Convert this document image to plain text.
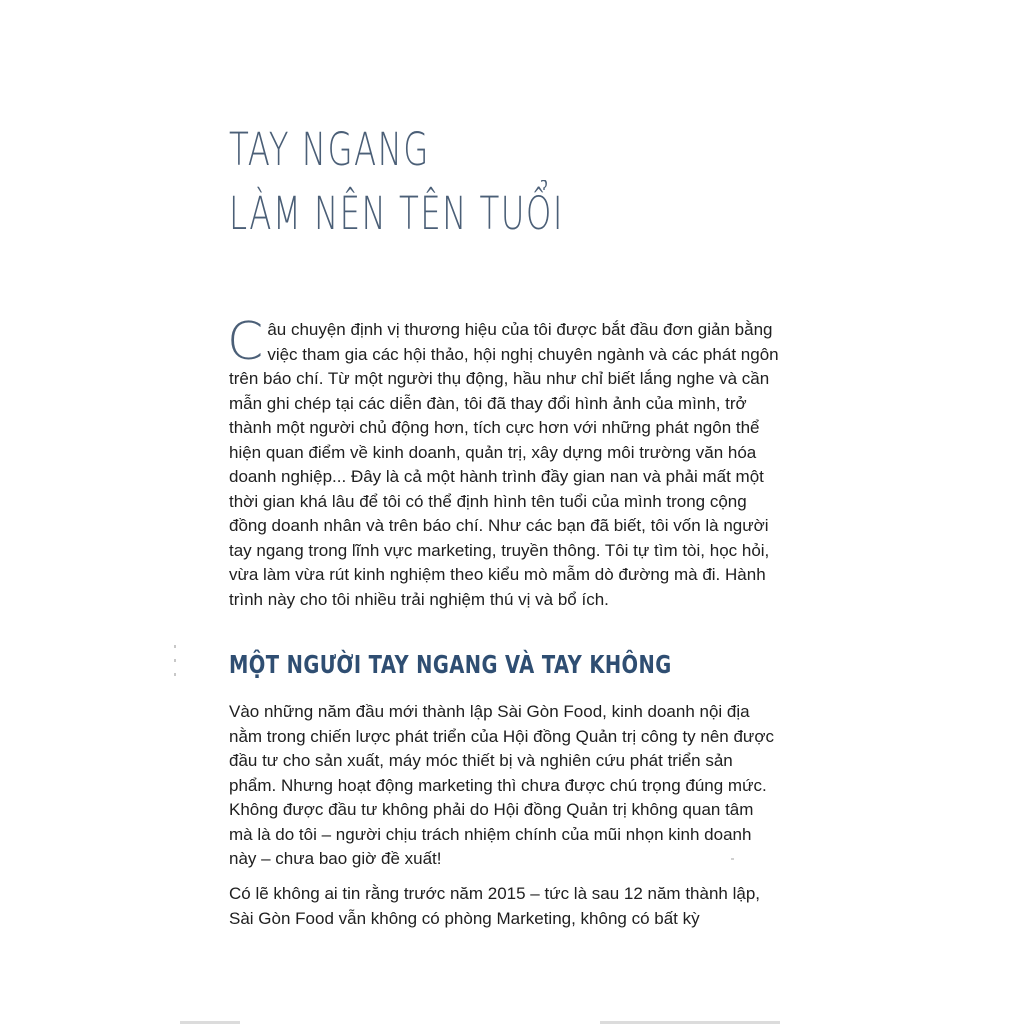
TAY NGANG
LÀM NÊN TÊN TUỔI

Câu chuyện định vị thương hiệu của tôi được bắt đầu đơn giản bằng việc tham gia các hội thảo, hội nghị chuyên ngành và các phát ngôn trên báo chí. Từ một người thụ động, hầu như chỉ biết lắng nghe và cần mẫn ghi chép tại các diễn đàn, tôi đã thay đổi hình ảnh của mình, trở thành một người chủ động hơn, tích cực hơn với những phát ngôn thể hiện quan điểm về kinh doanh, quản trị, xây dựng môi trường văn hóa doanh nghiệp... Đây là cả một hành trình đầy gian nan và phải mất một thời gian khá lâu để tôi có thể định hình tên tuổi của mình trong cộng đồng doanh nhân và trên báo chí. Như các bạn đã biết, tôi vốn là người tay ngang trong lĩnh vực marketing, truyền thông. Tôi tự tìm tòi, học hỏi, vừa làm vừa rút kinh nghiệm theo kiểu mò mẫm dò đường mà đi. Hành trình này cho tôi nhiều trải nghiệm thú vị và bổ ích.

MỘT NGƯỜI TAY NGANG VÀ TAY KHÔNG

Vào những năm đầu mới thành lập Sài Gòn Food, kinh doanh nội địa nằm trong chiến lược phát triển của Hội đồng Quản trị công ty nên được đầu tư cho sản xuất, máy móc thiết bị và nghiên cứu phát triển sản phẩm. Nhưng hoạt động marketing thì chưa được chú trọng đúng mức. Không được đầu tư không phải do Hội đồng Quản trị không quan tâm mà là do tôi – người chịu trách nhiệm chính của mũi nhọn kinh doanh này – chưa bao giờ đề xuất!

Có lẽ không ai tin rằng trước năm 2015 – tức là sau 12 năm thành lập, Sài Gòn Food vẫn không có phòng Marketing, không có bất kỳ
